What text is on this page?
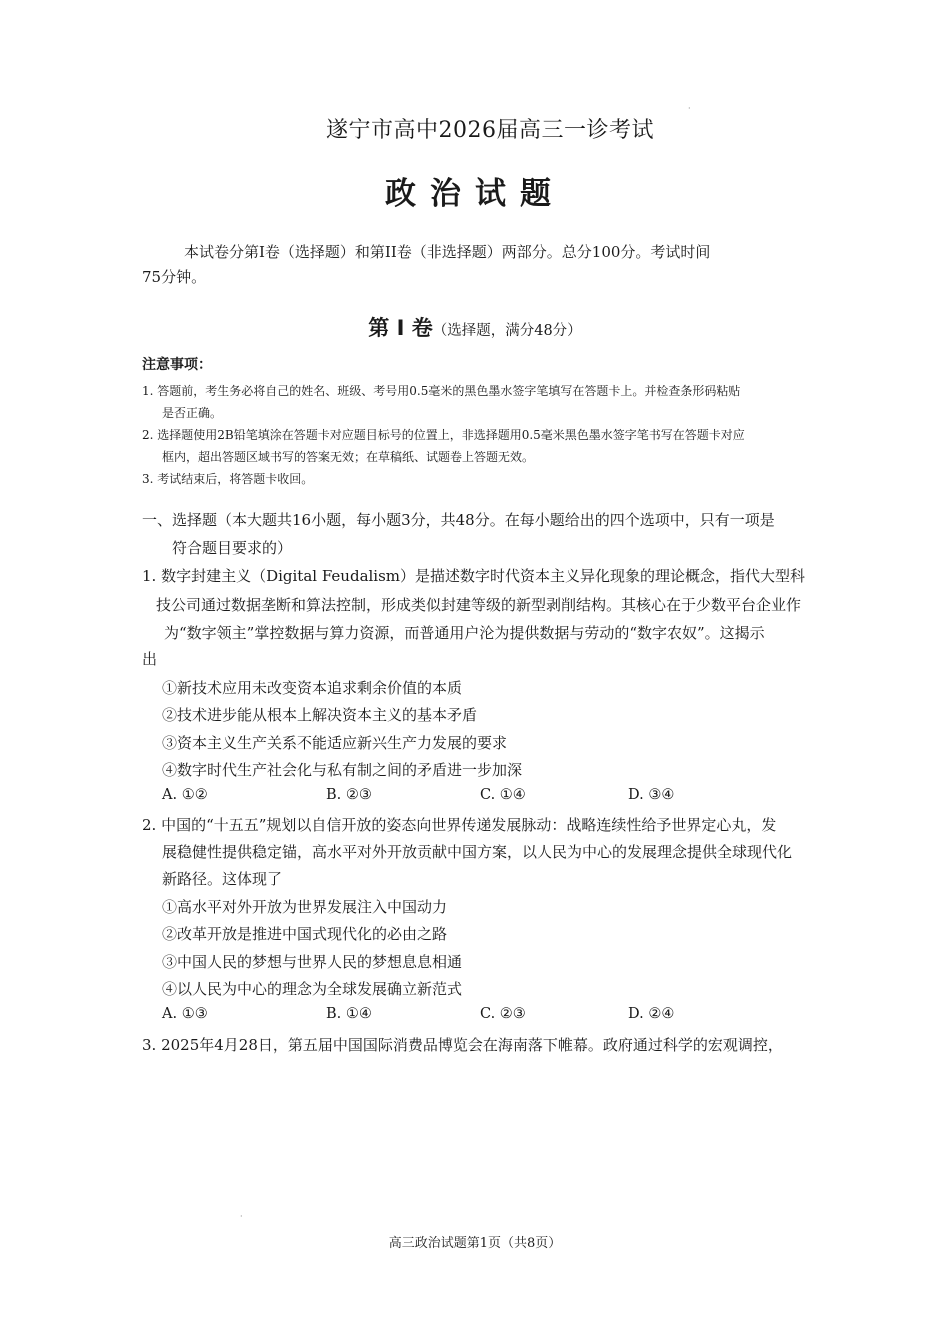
·
·
遂宁市高中2026届高三一诊考试
政治试题
本试卷分第I卷（选择题）和第II卷（非选择题）两部分。总分100分。考试时间
75分钟。
第 I 卷（选择题，满分48分）
注意事项：
1. 答题前，考生务必将自己的姓名、班级、考号用0.5毫米的黑色墨水签字笔填写在答题卡上。并检查条形码粘贴
是否正确。
2. 选择题使用2B铅笔填涂在答题卡对应题目标号的位置上，非选择题用0.5毫米黑色墨水签字笔书写在答题卡对应
框内，超出答题区域书写的答案无效；在草稿纸、试题卷上答题无效。
3. 考试结束后，将答题卡收回。
一、选择题（本大题共16小题，每小题3分，共48分。在每小题给出的四个选项中，只有一项是
符合题目要求的）
1. 数字封建主义（Digital Feudalism）是描述数字时代资本主义异化现象的理论概念，指代大型科
技公司通过数据垄断和算法控制，形成类似封建等级的新型剥削结构。其核心在于少数平台企业作
为“数字领主”掌控数据与算力资源，而普通用户沦为提供数据与劳动的“数字农奴”。这揭示
出
①新技术应用未改变资本追求剩余价值的本质
②技术进步能从根本上解决资本主义的基本矛盾
③资本主义生产关系不能适应新兴生产力发展的要求
④数字时代生产社会化与私有制之间的矛盾进一步加深
A. ①②	B. ②③	C. ①④	D. ③④
2. 中国的“十五五”规划以自信开放的姿态向世界传递发展脉动：战略连续性给予世界定心丸，发
展稳健性提供稳定锚，高水平对外开放贡献中国方案，以人民为中心的发展理念提供全球现代化
新路径。这体现了
①高水平对外开放为世界发展注入中国动力
②改革开放是推进中国式现代化的必由之路
③中国人民的梦想与世界人民的梦想息息相通
④以人民为中心的理念为全球发展确立新范式
A. ①③	B. ①④	C. ②③	D. ②④
3. 2025年4月28日，第五届中国国际消费品博览会在海南落下帷幕。政府通过科学的宏观调控，
高三政治试题第1页（共8页）
